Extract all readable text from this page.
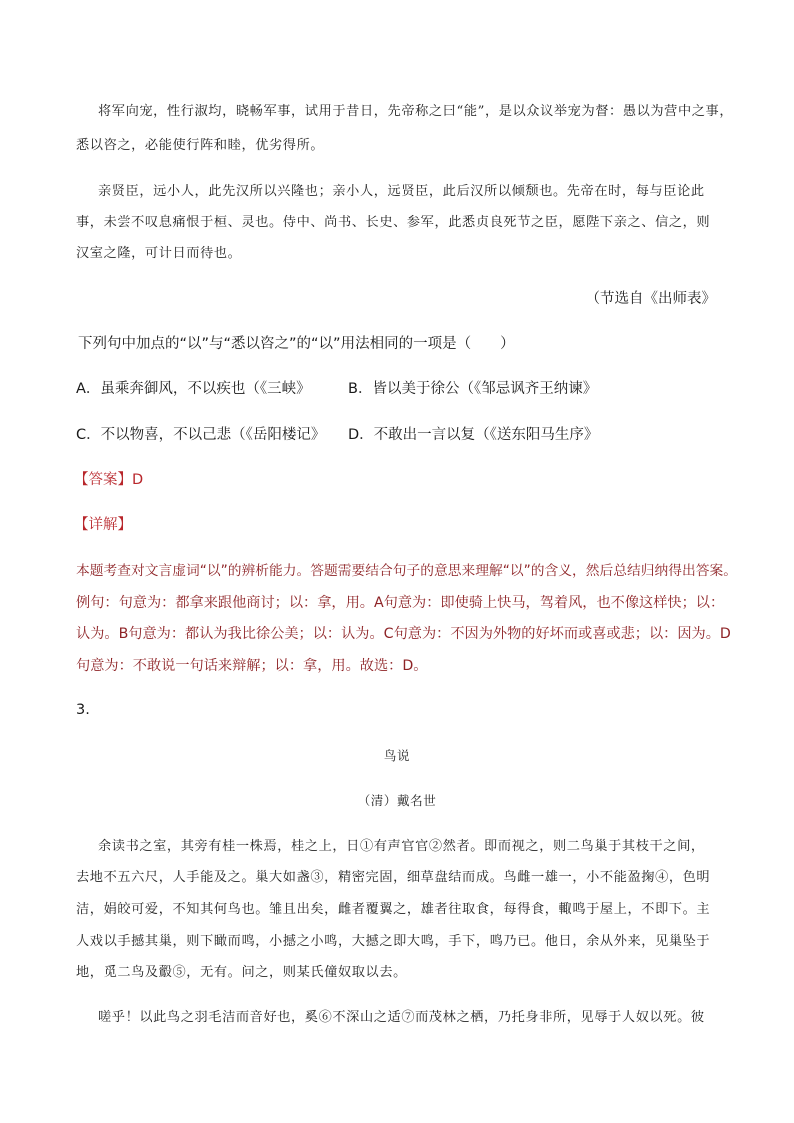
将军向宠，性行淑均，晓畅军事，试用于昔日，先帝称之曰“能”，是以众议举宠为督：愚以为营中之事，
悉以咨之，必能使行阵和睦，优劣得所。
亲贤臣，远小人，此先汉所以兴隆也；亲小人，远贤臣，此后汉所以倾颓也。先帝在时，每与臣论此
事，未尝不叹息痛恨于桓、灵也。侍中、尚书、长史、参军，此悉贞良死节之臣，愿陛下亲之、信之，则
汉室之隆，可计日而待也。
（节选自《出师表》
下列句中加点的“以”与“悉以咨之”的“以”用法相同的一项是（　　）
A．虽乘奔御风，不以疾也（《三峡》	B．皆以美于徐公（《邹忌讽齐王纳谏》
C．不以物喜，不以己悲（《岳阳楼记》 D．不敢出一言以复（《送东阳马生序》
【答案】D
【详解】
本题考查对文言虚词“以”的辨析能力。答题需要结合句子的意思来理解“以”的含义，然后总结归纳得出答案。
例句：句意为：都拿来跟他商讨；以：拿，用。A句意为：即使骑上快马，驾着风，也不像这样快；以：
认为。B句意为：都认为我比徐公美；以：认为。C句意为：不因为外物的好坏而或喜或悲；以：因为。D
句意为：不敢说一句话来辩解；以：拿，用。故选：D。
3.
鸟说
（清）戴名世
余读书之室，其旁有桂一株焉，桂之上，日①有声官官②然者。即而视之，则二鸟巢于其枝干之间，
去地不五六尺，人手能及之。巢大如盏③，精密完固，细草盘结而成。鸟雌一雄一，小不能盈掬④，色明
洁，娟皎可爱，不知其何鸟也。雏且出矣，雌者覆翼之，雄者往取食，每得食，輙鸣于屋上，不即下。主
人戏以手撼其巢，则下瞰而鸣，小撼之小鸣，大撼之即大鸣，手下，鸣乃已。他日，余从外来，见巢坠于
地，觅二鸟及鷇⑤，无有。问之，则某氏僮奴取以去。
嗟乎！以此鸟之羽毛洁而音好也，奚⑥不深山之适⑦而茂林之栖，乃托身非所，见辱于人奴以死。彼
